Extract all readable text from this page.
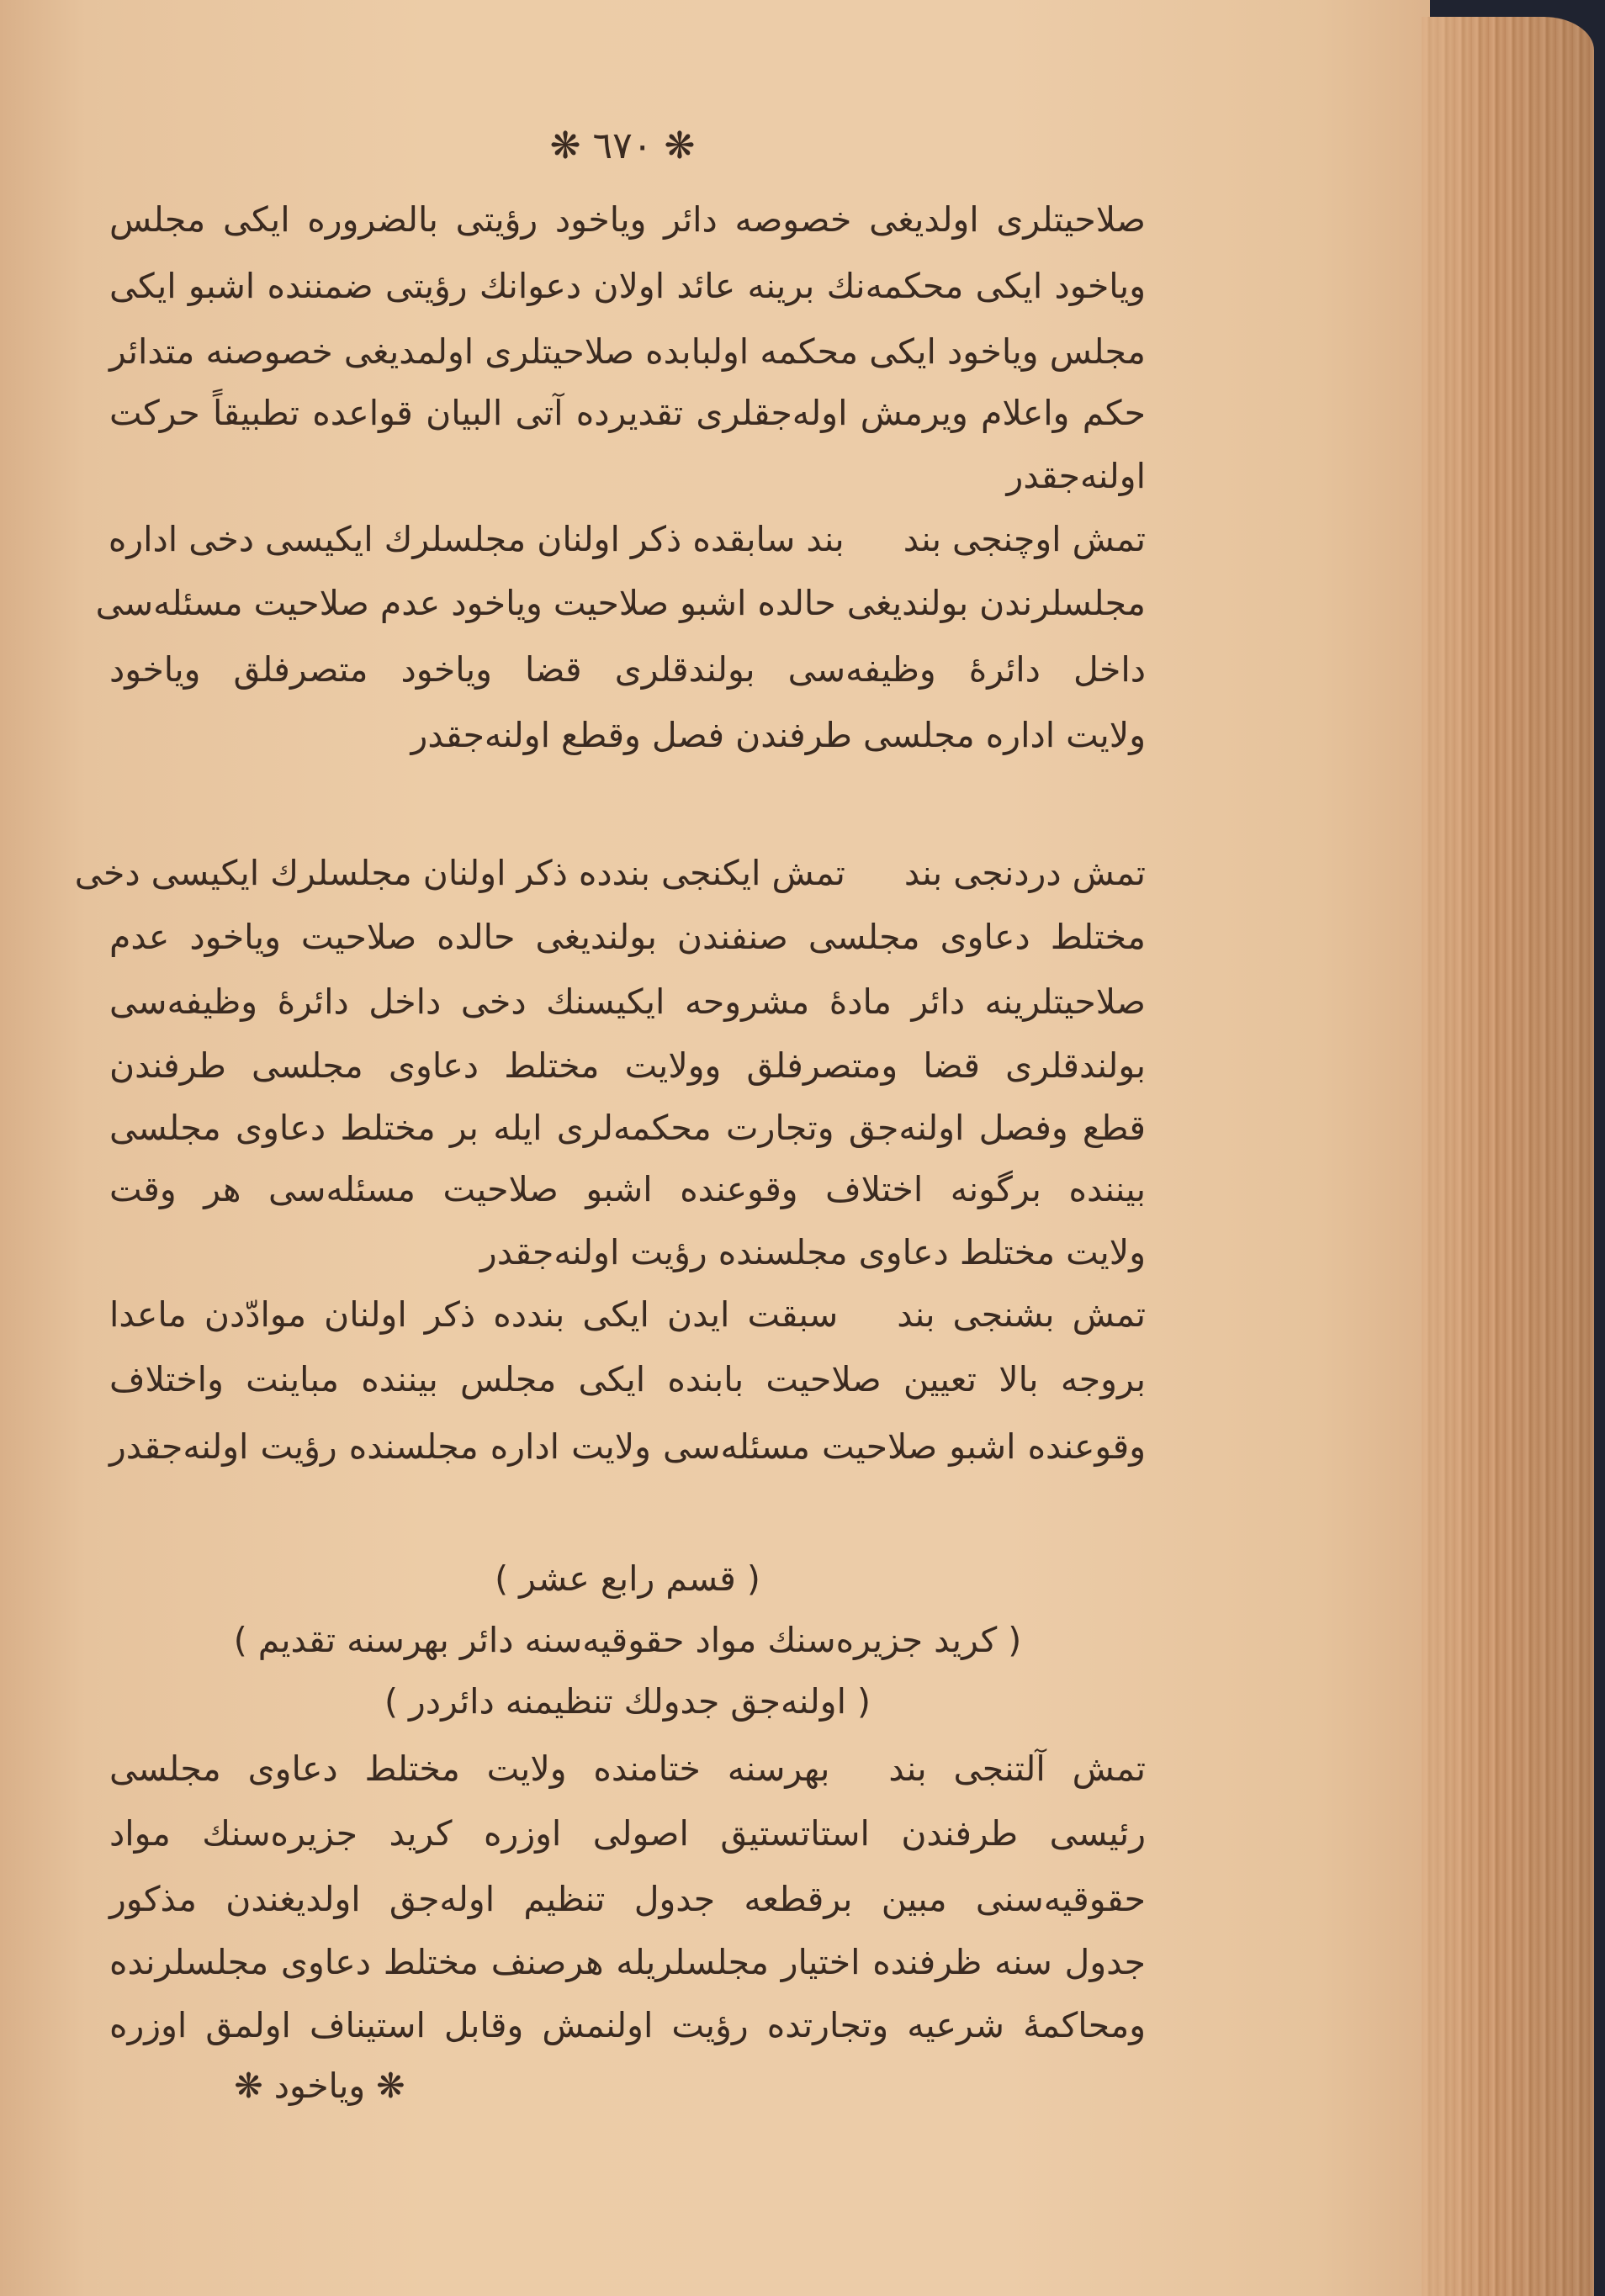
❋ ٦٧٠ ❋
صلاحیتلری اولدیغی خصوصه دائر ویاخود رؤیتی بالضروره ایکی مجلس
ویاخود ایکی محکمه‌نك برینه عائد اولان دعوانك رؤیتی ضمننده اشبو ایکی
مجلس ویاخود ایکی محکمه اولبابده صلاحیتلری اولمدیغی خصوصنه متدائر
حکم واعلام ویرمش اوله‌جقلری تقدیرده آتی البیان قواعده تطبیقاً حرکت
اولنه‌جقدر
تمش اوچنجی بندبند سابقده ذکر اولنان مجلسلرك ایکیسی دخی اداره
مجلسلرندن بولندیغی حالده اشبو صلاحیت ویاخود عدم صلاحیت مسئله‌سی
داخل دائرهٔ وظیفه‌سی بولندقلری قضا ویاخود متصرفلق ویاخود
ولایت اداره مجلسی طرفندن فصل وقطع اولنه‌جقدر
تمش دردنجی بندتمش ایکنجی بندده ذکر اولنان مجلسلرك ایکیسی دخی
مختلط دعاوی مجلسی صنفندن بولندیغی حالده صلاحیت ویاخود عدم
صلاحیتلرینه دائر مادهٔ مشروحه ایکیسنك دخی داخل دائرهٔ وظیفه‌سی
بولندقلری قضا ومتصرفلق وولایت مختلط دعاوی مجلسی طرفندن
قطع وفصل اولنه‌جق وتجارت محکمه‌لری ایله بر مختلط دعاوی مجلسی
بیننده برگونه اختلاف وقوعنده اشبو صلاحیت مسئله‌سی هر وقت
ولایت مختلط دعاوی مجلسنده رؤیت اولنه‌جقدر
تمش بشنجی بندسبقت ایدن ایکی بندده ذکر اولنان موادّدن ماعدا
بروجه بالا تعیین صلاحیت بابنده ایکی مجلس بیننده مباینت واختلاف
وقوعنده اشبو صلاحیت مسئله‌سی ولایت اداره مجلسنده رؤیت اولنه‌جقدر
( قسم رابع عشر )
( کرید جزیره‌سنك مواد حقوقیه‌سنه دائر بهرسنه تقدیم )
( اولنه‌جق جدولك تنظیمنه دائردر )
تمش آلتنجی بندبهرسنه ختامنده ولایت مختلط دعاوی مجلسی
رئیسی طرفندن استاتستیق اصولی اوزره کرید جزیره‌سنك مواد
حقوقیه‌سنی مبین برقطعه جدول تنظیم اوله‌جق اولدیغندن مذکور
جدول سنه ظرفنده اختیار مجلسلریله هرصنف مختلط دعاوی مجلسلرنده
ومحاکمهٔ شرعیه وتجارتده رؤیت اولنمش وقابل استیناف اولمق اوزره
❋ ویاخود ❋
